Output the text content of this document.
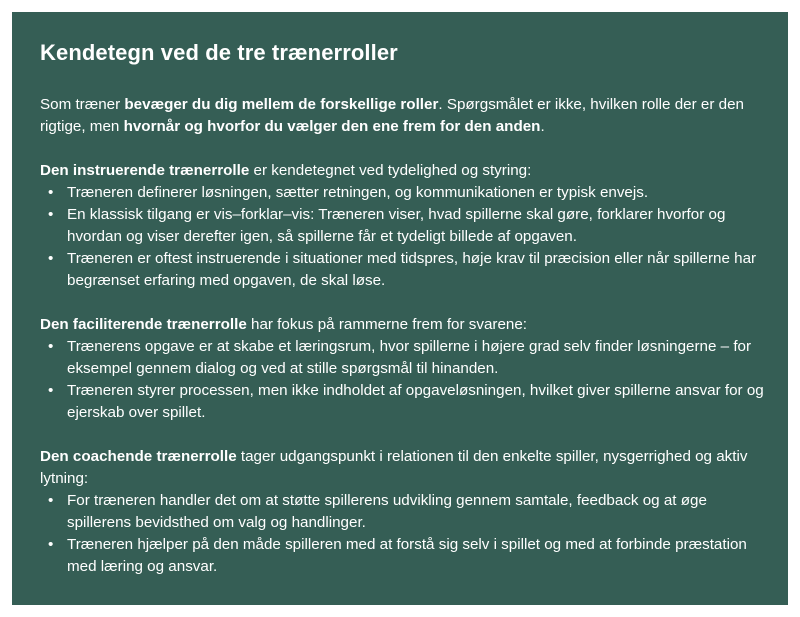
Kendetegn ved de tre trænerroller

Som træner bevæger du dig mellem de forskellige roller. Spørgsmålet er ikke, hvilken rolle der er den rigtige, men hvornår og hvorfor du vælger den ene frem for den anden.

Den instruerende trænerrolle er kendetegnet ved tydelighed og styring:

• Træneren definerer løsningen, sætter retningen, og kommunikationen er typisk envejs.
• En klassisk tilgang er vis–forklar–vis: Træneren viser, hvad spillerne skal gøre, forklarer hvorfor og hvordan og viser derefter igen, så spillerne får et tydeligt billede af opgaven.
• Træneren er oftest instruerende i situationer med tidspres, høje krav til præcision eller når spillerne har begrænset erfaring med opgaven, de skal løse.

Den faciliterende trænerrolle har fokus på rammerne frem for svarene:

• Trænerens opgave er at skabe et læringsrum, hvor spillerne i højere grad selv finder løsningerne – for eksempel gennem dialog og ved at stille spørgsmål til hinanden.
• Træneren styrer processen, men ikke indholdet af opgaveløsningen, hvilket giver spillerne ansvar for og ejerskab over spillet.

Den coachende trænerrolle tager udgangspunkt i relationen til den enkelte spiller, nysgerrighed og aktiv lytning:

• For træneren handler det om at støtte spillerens udvikling gennem samtale, feedback og at øge spillerens bevidsthed om valg og handlinger.
• Træneren hjælper på den måde spilleren med at forstå sig selv i spillet og med at forbinde præstation med læring og ansvar.
